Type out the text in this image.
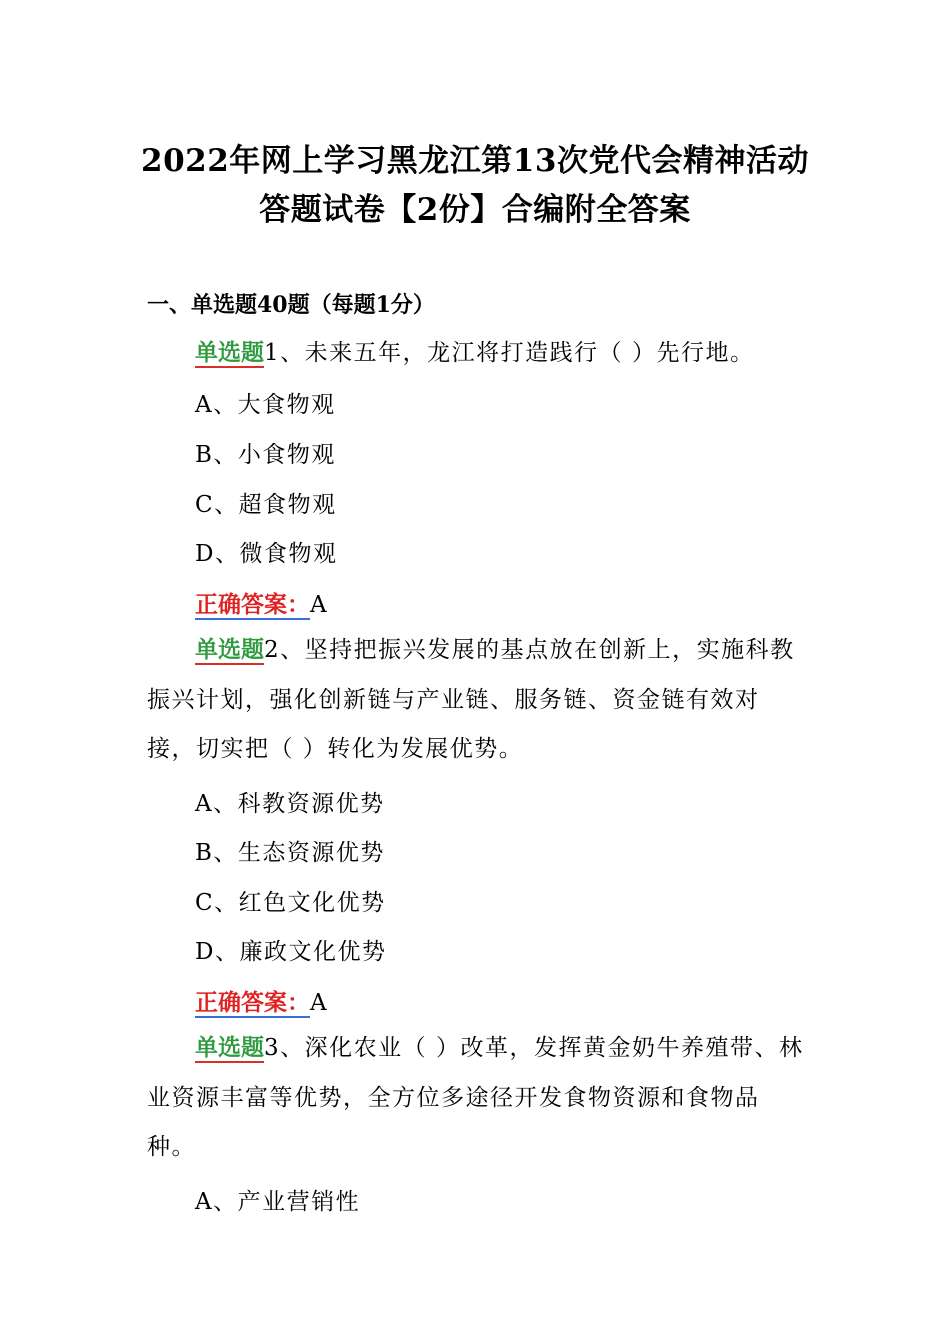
2022年网上学习黑龙江第13次党代会精神活动
答题试卷【2份】合编附全答案
一、单选题40题（每题1分）
单选题1、未来五年，龙江将打造践行（ ）先行地。
A、大食物观
B、小食物观
C、超食物观
D、微食物观
正确答案：A
单选题2、坚持把振兴发展的基点放在创新上，实施科教振兴计划，强化创新链与产业链、服务链、资金链有效对接，切实把（ ）转化为发展优势。
A、科教资源优势
B、生态资源优势
C、红色文化优势
D、廉政文化优势
正确答案：A
单选题3、深化农业（ ）改革，发挥黄金奶牛养殖带、林业资源丰富等优势，全方位多途径开发食物资源和食物品种。
A、产业营销性
